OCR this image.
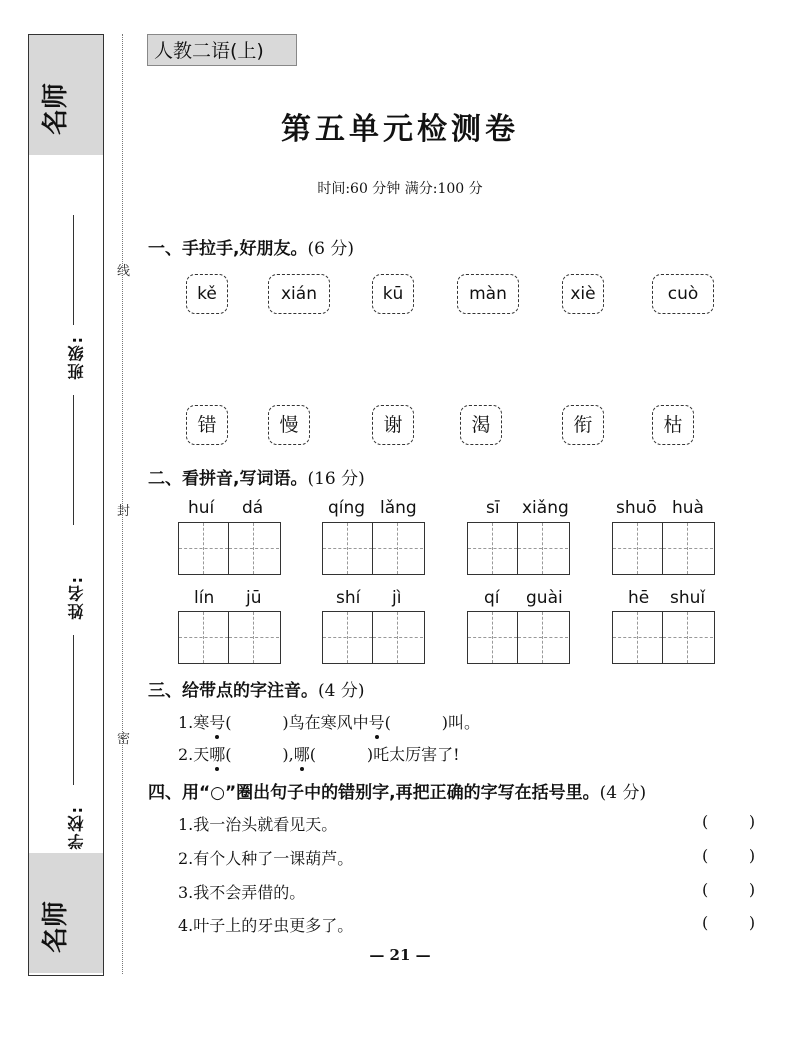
名师
班级:
姓名:
学校:
名师
线
封
密
人教二语(上)
第五单元检测卷
时间:60 分钟 满分:100 分
一、手拉手,好朋友。(6 分)
kě	xián	kū	màn	xiè	cuò
错	慢	谢	渴	衔	枯
二、看拼音,写词语。(16 分)
huí dá	qíng lǎng	sī xiǎng	shuō huà
lín jū	shí jì	qí guài	hē shuǐ
三、给带点的字注音。(4 分)
1.寒号(          )鸟在寒风中号(          )叫。
2.天哪(          ),哪(          )吒太厉害了!
四、用“○”圈出句子中的错别字,再把正确的字写在括号里。(4 分)
1.我一治头就看见天。	(        )
2.有个人种了一课葫芦。	(        )
3.我不会弄借的。	(        )
4.叶子上的牙虫更多了。	(        )
— 21 —
